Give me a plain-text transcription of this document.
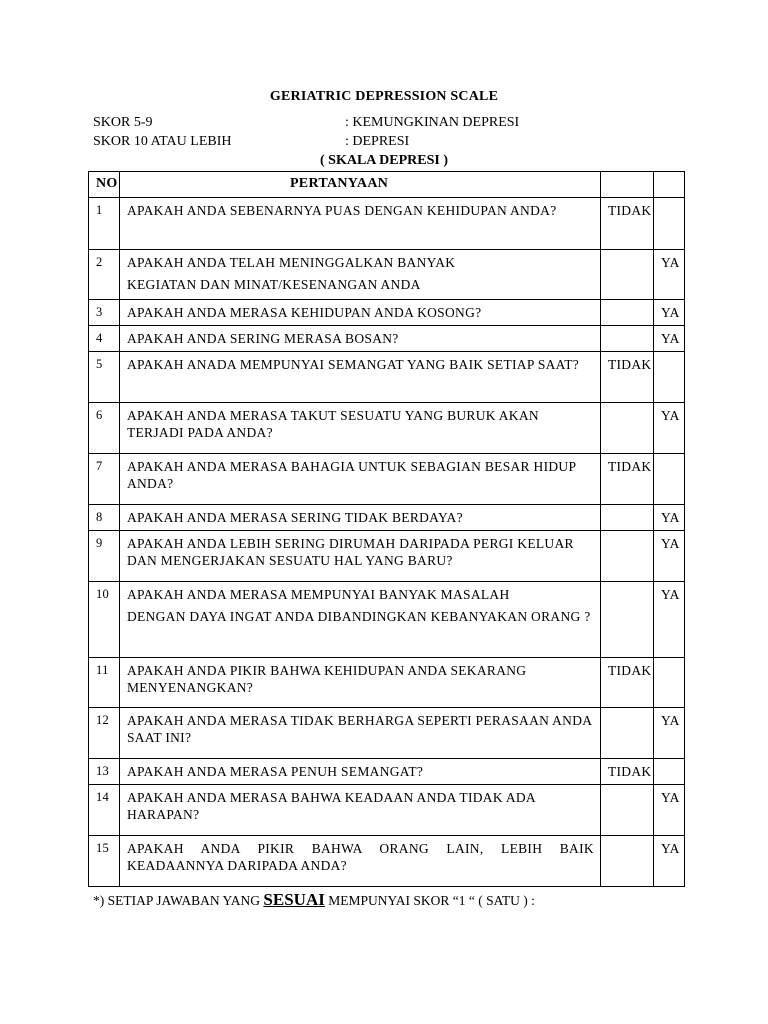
GERIATRIC DEPRESSION SCALE
SKOR 5-9	: KEMUNGKINAN DEPRESI
SKOR 10 ATAU LEBIH	: DEPRESI
( SKALA DEPRESI )
NO	PERTANYAAN		
1	APAKAH ANDA SEBENARNYA PUAS DENGAN KEHIDUPAN ANDA?	TIDAK	
2	APAKAH ANDA TELAH MENINGGALKAN BANYAK

KEGIATAN DAN MINAT/KESENANGAN ANDA		YA
3	APAKAH ANDA MERASA KEHIDUPAN ANDA KOSONG?		YA
4	APAKAH ANDA SERING MERASA BOSAN?		YA
5	APAKAH ANADA MEMPUNYAI SEMANGAT YANG BAIK SETIAP SAAT?	TIDAK	
6	APAKAH ANDA MERASA TAKUT SESUATU YANG BURUK AKAN TERJADI PADA ANDA?		YA
7	APAKAH ANDA MERASA BAHAGIA UNTUK SEBAGIAN BESAR HIDUP ANDA?	TIDAK	
8	APAKAH ANDA MERASA SERING TIDAK BERDAYA?		YA
9	APAKAH ANDA LEBIH SERING DIRUMAH DARIPADA PERGI KELUAR DAN MENGERJAKAN SESUATU HAL YANG BARU?		YA
10	APAKAH ANDA MERASA MEMPUNYAI BANYAK MASALAH

DENGAN DAYA INGAT ANDA DIBANDINGKAN KEBANYAKAN ORANG ?		YA
11	APAKAH ANDA PIKIR BAHWA KEHIDUPAN ANDA SEKARANG MENYENANGKAN?	TIDAK	
12	APAKAH ANDA MERASA TIDAK BERHARGA SEPERTI PERASAAN ANDA SAAT INI?		YA
13	APAKAH ANDA MERASA PENUH SEMANGAT?	TIDAK	
14	APAKAH ANDA MERASA BAHWA KEADAAN ANDA TIDAK ADA HARAPAN?		YA
15	APAKAH ANDA PIKIR BAHWA ORANG LAIN, LEBIH BAIK KEADAANNYA DARIPADA ANDA?		YA
*) SETIAP JAWABAN YANG SESUAI MEMPUNYAI SKOR “1 “ ( SATU ) :
